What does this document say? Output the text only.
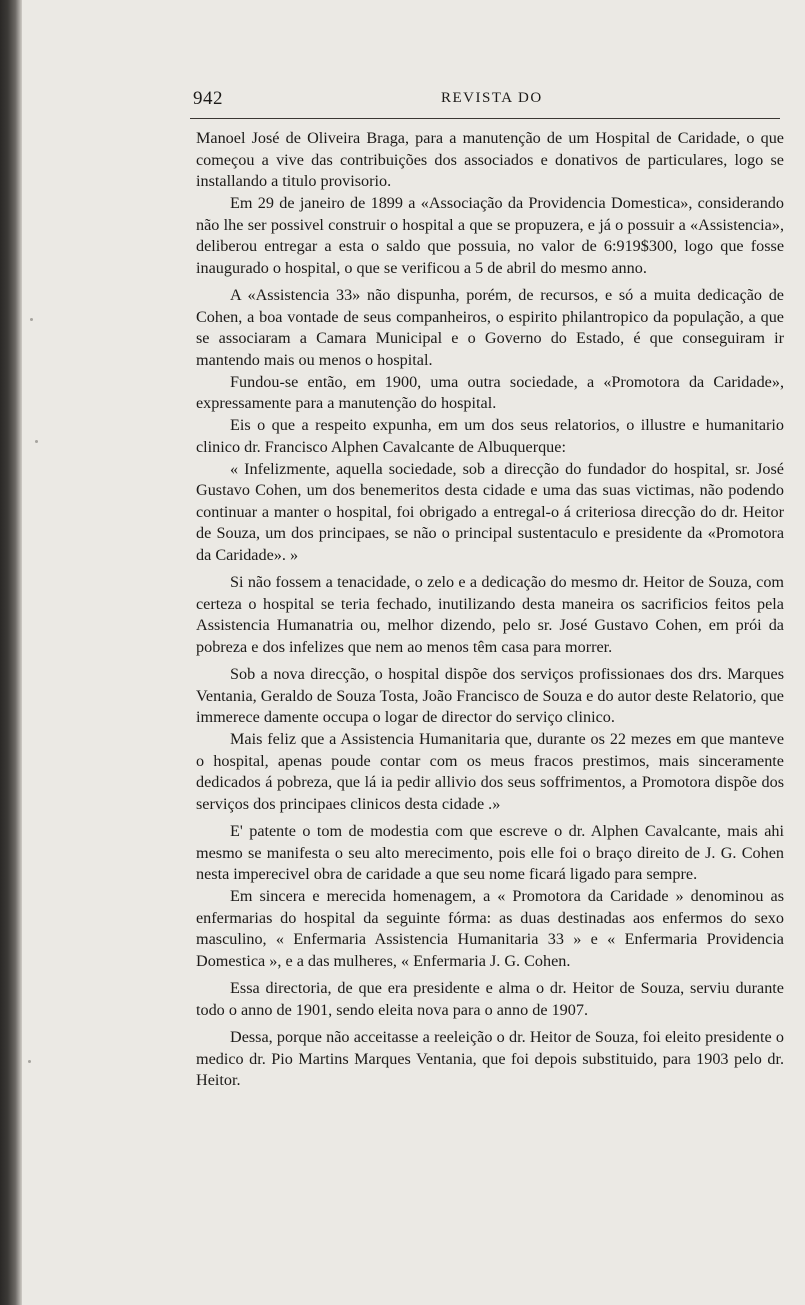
942	REVISTA DO

Manoel José de Oliveira Braga, para a manutenção de um Hospital de Caridade, o que começou a vive das contribuições dos associados e donativos de particulares, logo se installando a titulo provisorio.

Em 29 de janeiro de 1899 a «Associação da Providencia Domestica», considerando não lhe ser possivel construir o hospital a que se propuzera, e já o possuir a «Assistencia», deliberou entregar a esta o saldo que possuia, no valor de 6:919$300, logo que fosse inaugurado o hospital, o que se verificou a 5 de abril do mesmo anno.

A «Assistencia 33» não dispunha, porém, de recursos, e só a muita dedicação de Cohen, a boa vontade de seus companheiros, o espirito philantropico da população, a que se associaram a Camara Municipal e o Governo do Estado, é que conseguiram ir mantendo mais ou menos o hospital.

Fundou-se então, em 1900, uma outra sociedade, a «Promotora da Caridade», expressamente para a manutenção do hospital.

Eis o que a respeito expunha, em um dos seus relatorios, o illustre e humanitario clinico dr. Francisco Alphen Cavalcante de Albuquerque:

« Infelizmente, aquella sociedade, sob a direcção do fundador do hospital, sr. José Gustavo Cohen, um dos benemeritos desta cidade e uma das suas victimas, não podendo continuar a manter o hospital, foi obrigado a entregal-o á criteriosa direcção do dr. Heitor de Souza, um dos principaes, se não o principal sustentaculo e presidente da «Promotora da Caridade». »

Si não fossem a tenacidade, o zelo e a dedicação do mesmo dr. Heitor de Souza, com certeza o hospital se teria fechado, inutilizando desta maneira os sacrificios feitos pela Assistencia Humanatria ou, melhor dizendo, pelo sr. José Gustavo Cohen, em prói da pobreza e dos infelizes que nem ao menos têm casa para morrer.

Sob a nova direcção, o hospital dispõe dos serviços profissionaes dos drs. Marques Ventania, Geraldo de Souza Tosta, João Francisco de Souza e do autor deste Relatorio, que immerece damente occupa o logar de director do serviço clinico.

Mais feliz que a Assistencia Humanitaria que, durante os 22 mezes em que manteve o hospital, apenas poude contar com os meus fracos prestimos, mais sinceramente dedicados á pobreza, que lá ia pedir allivio dos seus soffrimentos, a Promotora dispõe dos serviços dos principaes clinicos desta cidade .»

E' patente o tom de modestia com que escreve o dr. Alphen Cavalcante, mais ahi mesmo se manifesta o seu alto merecimento, pois elle foi o braço direito de J. G. Cohen nesta imperecivel obra de caridade a que seu nome ficará ligado para sempre.

Em sincera e merecida homenagem, a « Promotora da Caridade » denominou as enfermarias do hospital da seguinte fórma: as duas destinadas aos enfermos do sexo masculino, « Enfermaria Assistencia Humanitaria 33 » e « Enfermaria Providencia Domestica », e a das mulheres, « Enfermaria J. G. Cohen.

Essa directoria, de que era presidente e alma o dr. Heitor de Souza, serviu durante todo o anno de 1901, sendo eleita nova para o anno de 1907.

Dessa, porque não acceitasse a reeleição o dr. Heitor de Souza, foi eleito presidente o medico dr. Pio Martins Marques Ventania, que foi depois substituido, para 1903 pelo dr. Heitor.
